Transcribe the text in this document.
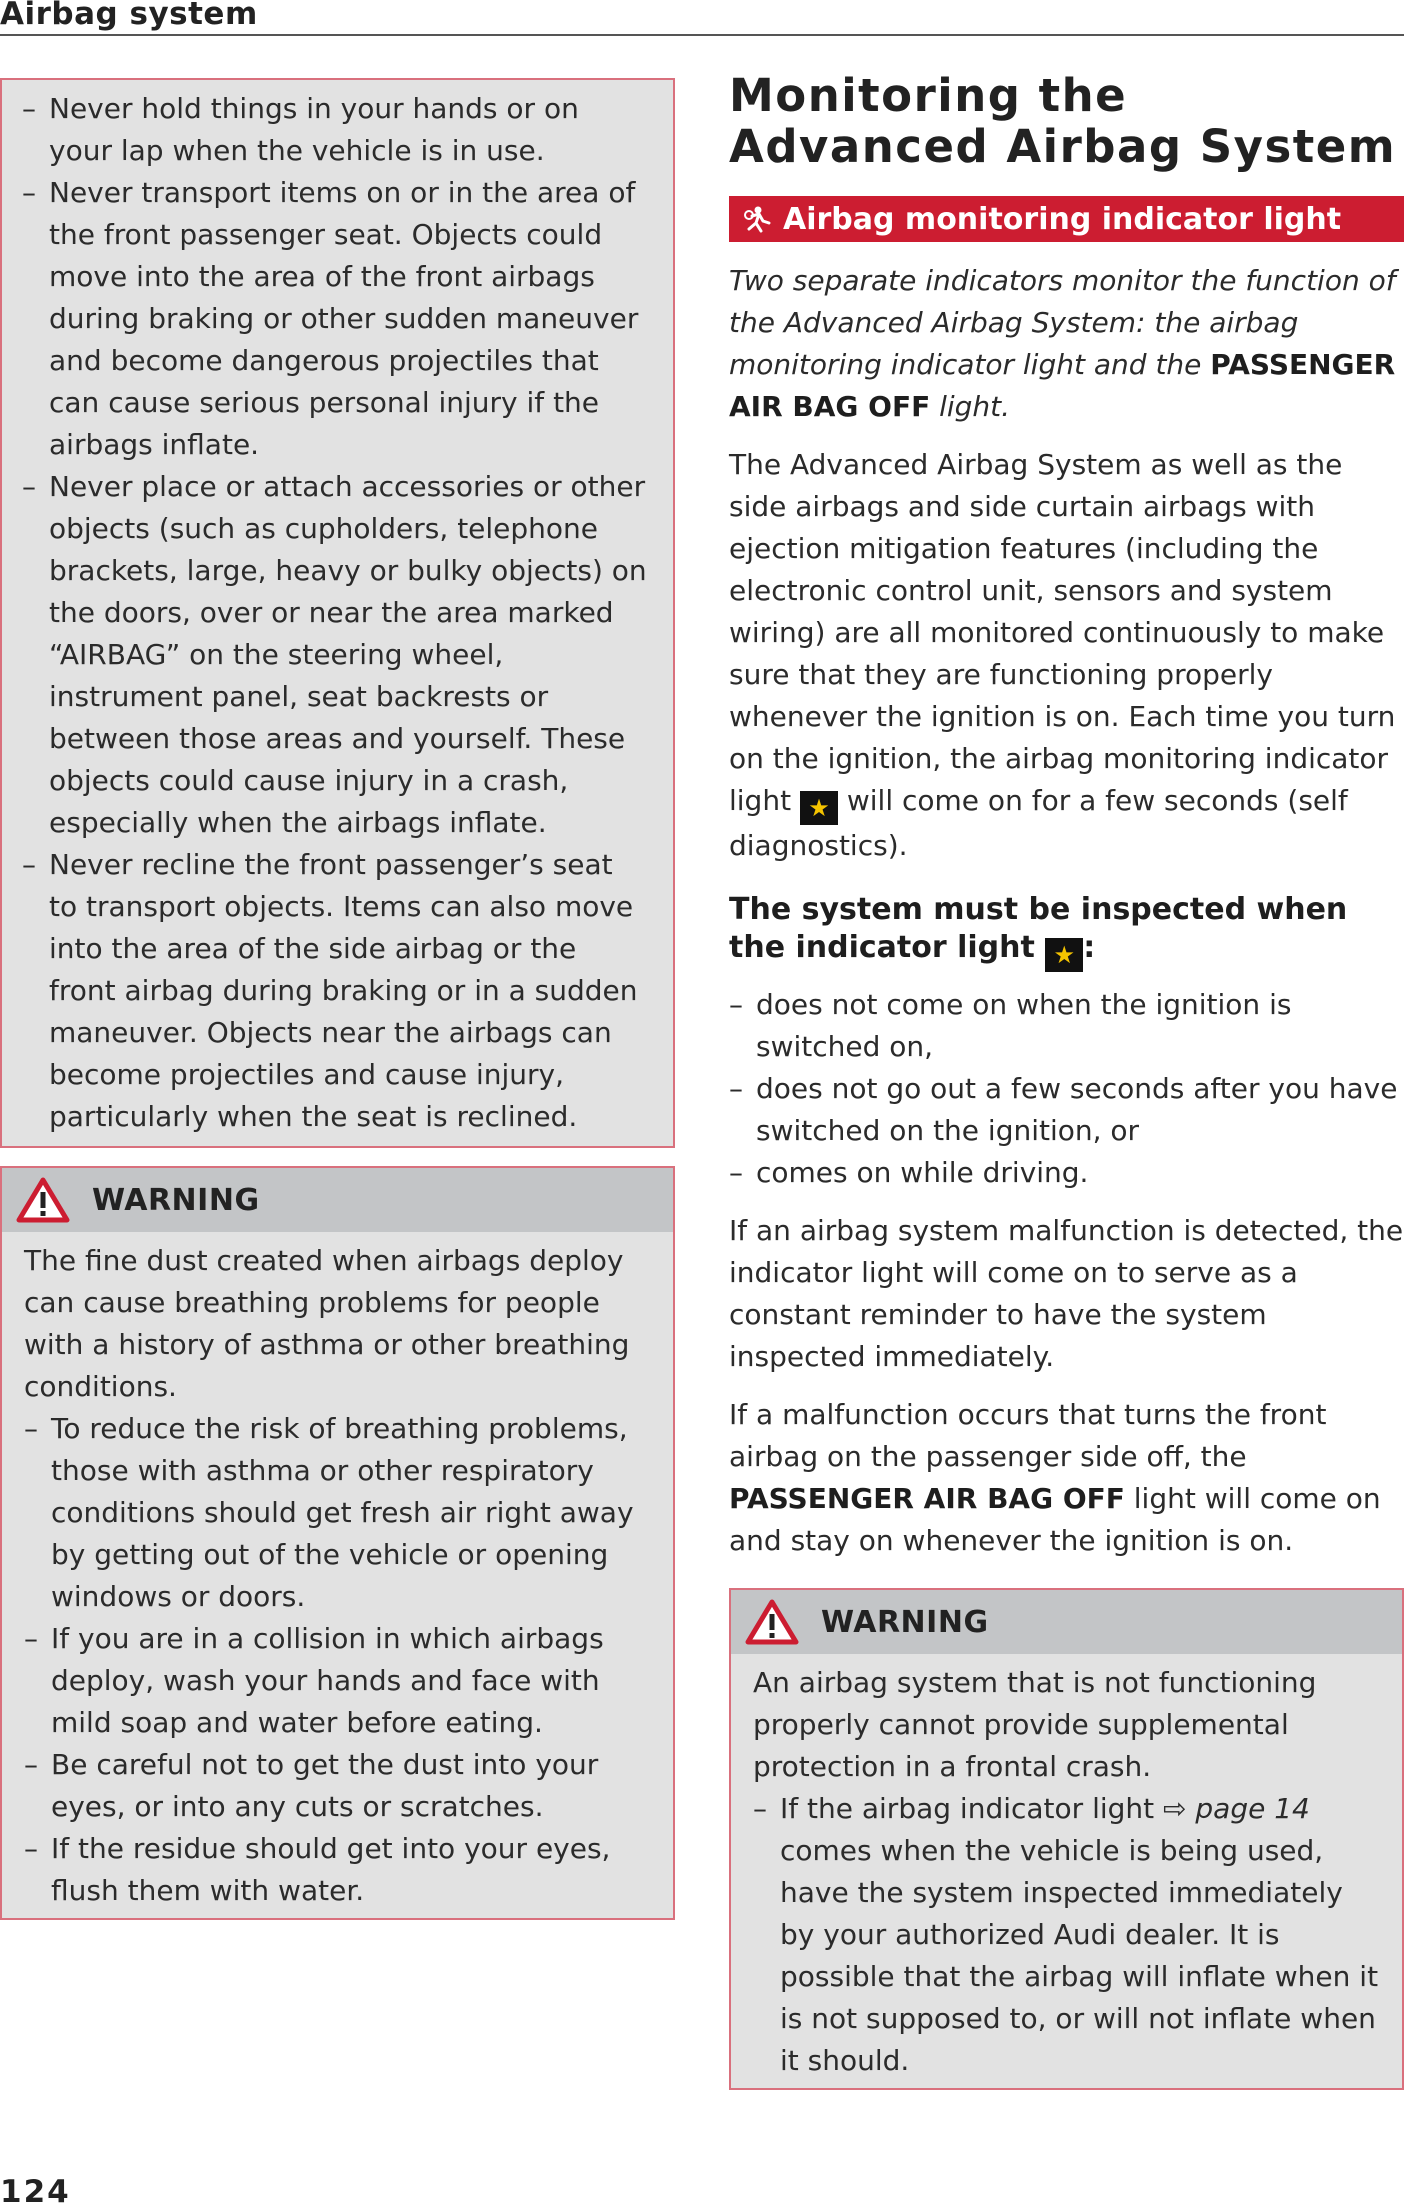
Airbag system
– Never hold things in your hands or on your lap when the vehicle is in use.
– Never transport items on or in the area of the front passenger seat. Objects could move into the area of the front airbags during braking or other sudden maneuver and become dangerous projectiles that can cause serious personal injury if the airbags inflate.
– Never place or attach accessories or other objects (such as cupholders, telephone brackets, large, heavy or bulky objects) on the doors, over or near the area marked “AIRBAG” on the steering wheel, instrument panel, seat backrests or between those areas and yourself. These objects could cause injury in a crash, especially when the airbags inflate.
– Never recline the front passenger’s seat to transport objects. Items can also move into the area of the side airbag or the front airbag during braking or in a sudden maneuver. Objects near the airbags can become projectiles and cause injury, particularly when the seat is reclined.
WARNING

The fine dust created when airbags deploy can cause breathing problems for people with a history of asthma or other breathing conditions.

– To reduce the risk of breathing problems, those with asthma or other respiratory conditions should get fresh air right away by getting out of the vehicle or opening windows or doors.
– If you are in a collision in which airbags deploy, wash your hands and face with mild soap and water before eating.
– Be careful not to get the dust into your eyes, or into any cuts or scratches.
– If the residue should get into your eyes, flush them with water.
Monitoring the
Advanced Airbag System
Airbag monitoring indicator light
Two separate indicators monitor the function of the Advanced Airbag System: the airbag monitoring indicator light and the PASSENGER AIR BAG OFF light.
The Advanced Airbag System as well as the side airbags and side curtain airbags with ejection mitigation features (including the electronic control unit, sensors and system wiring) are all monitored continuously to make sure that they are functioning properly whenever the ignition is on. Each time you turn on the ignition, the airbag monitoring indicator light ★ will come on for a few seconds (self diagnostics).
The system must be inspected when the indicator light ★ :
– does not come on when the ignition is switched on,
– does not go out a few seconds after you have switched on the ignition, or
– comes on while driving.
If an airbag system malfunction is detected, the indicator light will come on to serve as a constant reminder to have the system inspected immediately.
If a malfunction occurs that turns the front airbag on the passenger side off, the PASSENGER AIR BAG OFF light will come on and stay on whenever the ignition is on.
WARNING

An airbag system that is not functioning properly cannot provide supplemental protection in a frontal crash.

– If the airbag indicator light ⇨ page 14 comes when the vehicle is being used, have the system inspected immediately by your authorized Audi dealer. It is possible that the airbag will inflate when it is not supposed to, or will not inflate when it should.
124
